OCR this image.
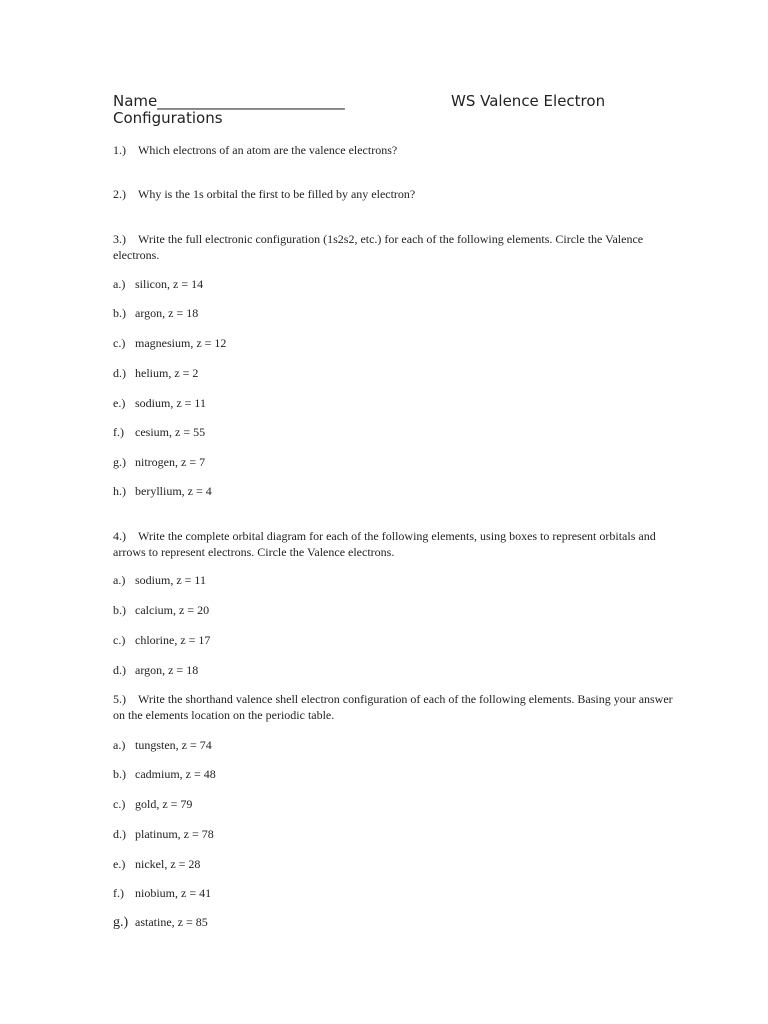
Name_________________________	WS Valence Electron
Configurations
1.) Which electrons of an atom are the valence electrons?
2.) Why is the 1s orbital the first to be filled by any electron?
3.) Write the full electronic configuration (1s2s2, etc.) for each of the following elements. Circle the Valence electrons.
a.) silicon, z = 14
b.) argon, z = 18
c.) magnesium, z = 12
d.) helium, z = 2
e.) sodium, z = 11
f.) cesium, z = 55
g.) nitrogen, z = 7
h.) beryllium, z = 4
4.) Write the complete orbital diagram for each of the following elements, using boxes to represent orbitals and arrows to represent electrons. Circle the Valence electrons.
a.) sodium, z = 11
b.) calcium, z = 20
c.) chlorine, z = 17
d.) argon, z = 18
5.) Write the shorthand valence shell electron configuration of each of the following elements. Basing your answer on the elements location on the periodic table.
a.) tungsten, z = 74
b.) cadmium, z = 48
c.) gold, z = 79
d.) platinum, z = 78
e.) nickel, z = 28
f.) niobium, z = 41
g.) astatine, z = 85
